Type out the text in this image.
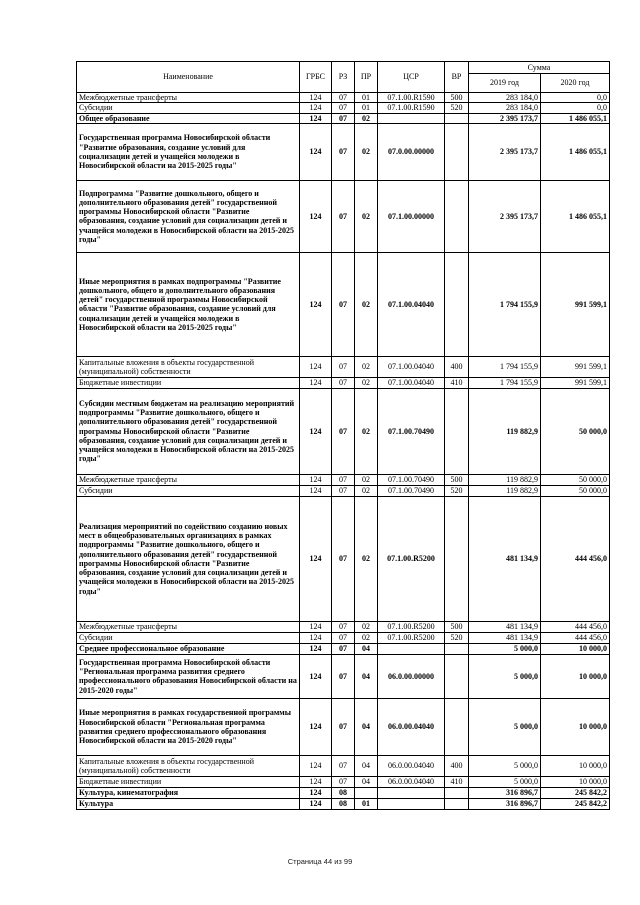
Наименование	ГРБС	РЗ	ПР	ЦСР	ВР	Сумма	
						2019 год	2020 год
Межбюджетные трансферты	124	07	01	07.1.00.R1590	500	283 184,0	0,0
Субсидии	124	07	01	07.1.00.R1590	520	283 184,0	0,0
Общее образование	124	07	02			2 395 173,7	1 486 055,1
Государственная программа Новосибирской области "Развитие образования, создание условий для социализации детей и учащейся молодежи в Новосибирской области на 2015-2025 годы"	124	07	02	07.0.00.00000		2 395 173,7	1 486 055,1
Подпрограмма "Развитие дошкольного, общего и дополнительного образования детей" государственной программы Новосибирской области "Развитие образования, создание условий для социализации детей и учащейся молодежи в Новосибирской области на 2015-2025 годы"	124	07	02	07.1.00.00000		2 395 173,7	1 486 055,1
Иные мероприятия в рамках подпрограммы "Развитие дошкольного, общего и дополнительного образования детей" государственной программы Новосибирской области "Развитие образования, создание условий для социализации детей и учащейся молодежи в Новосибирской области на 2015-2025 годы"	124	07	02	07.1.00.04040		1 794 155,9	991 599,1
Капитальные вложения в объекты государственной (муниципальной) собственности	124	07	02	07.1.00.04040	400	1 794 155,9	991 599,1
Бюджетные инвестиции	124	07	02	07.1.00.04040	410	1 794 155,9	991 599,1
Субсидии местным бюджетам на реализацию мероприятий подпрограммы "Развитие дошкольного, общего и дополнительного образования детей" государственной программы Новосибирской области "Развитие образования, создание условий для социализации детей и учащейся молодежи в Новосибирской области на 2015-2025 годы"	124	07	02	07.1.00.70490		119 882,9	50 000,0
Межбюджетные трансферты	124	07	02	07.1.00.70490	500	119 882,9	50 000,0
Субсидии	124	07	02	07.1.00.70490	520	119 882,9	50 000,0
Реализация мероприятий по содействию созданию новых мест в общеобразовательных организациях в рамках подпрограммы "Развитие дошкольного, общего и дополнительного образования детей" государственной программы Новосибирской области "Развитие образования, создание условий для социализации детей и учащейся молодежи в Новосибирской области на 2015-2025 годы"	124	07	02	07.1.00.R5200		481 134,9	444 456,0
Межбюджетные трансферты	124	07	02	07.1.00.R5200	500	481 134,9	444 456,0
Субсидии	124	07	02	07.1.00.R5200	520	481 134,9	444 456,0
Среднее профессиональное образование	124	07	04			5 000,0	10 000,0
Государственная программа Новосибирской области "Региональная программа развития среднего профессионального образования Новосибирской области на 2015-2020 годы"	124	07	04	06.0.00.00000		5 000,0	10 000,0
Иные мероприятия в рамках государственной программы Новосибирской области "Региональная программа развития среднего профессионального образования Новосибирской области на 2015-2020 годы"	124	07	04	06.0.00.04040		5 000,0	10 000,0
Капитальные вложения в объекты государственной (муниципальной) собственности	124	07	04	06.0.00.04040	400	5 000,0	10 000,0
Бюджетные инвестиции	124	07	04	06.0.00.04040	410	5 000,0	10 000,0
Культура, кинематография	124	08				316 896,7	245 842,2
Культура	124	08	01			316 896,7	245 842,2
Страница 44 из 99
